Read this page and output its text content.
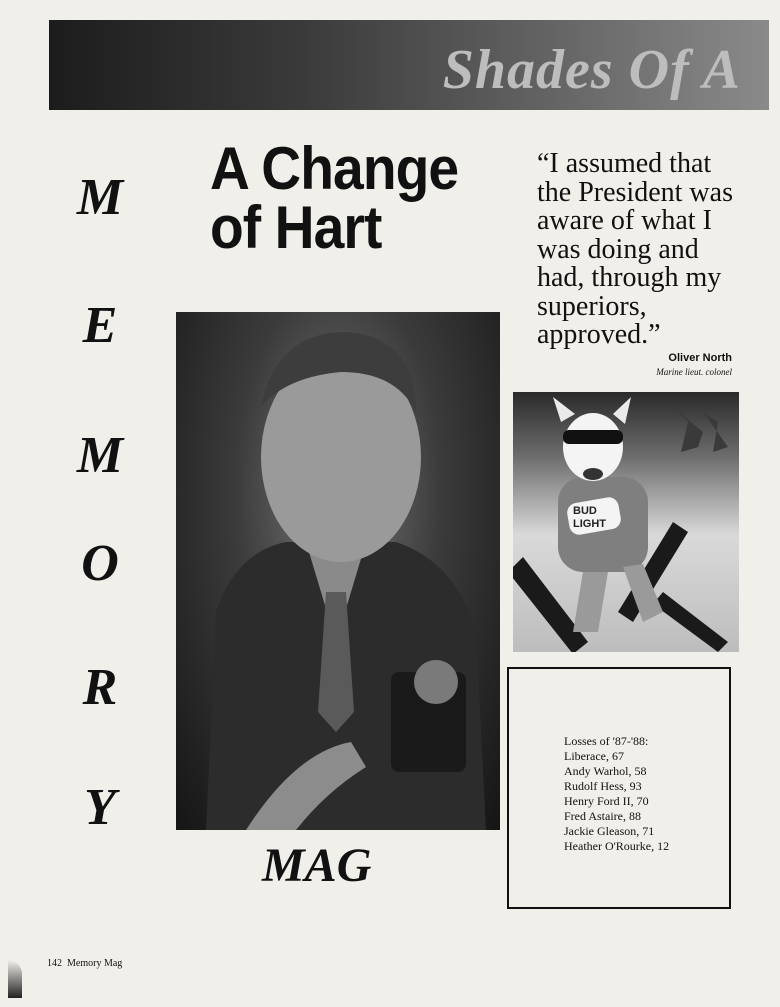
Shades Of A
M
E
M
O
R
Y
A Change
of Hart
“I assumed that the President was aware of what I was doing and had, through my superiors, approved.”
Oliver North
Marine lieut. colonel
BUD
LIGHT
Losses of '87-'88:
Liberace, 67
Andy Warhol, 58
Rudolf Hess, 93
Henry Ford II, 70
Fred Astaire, 88
Jackie Gleason, 71
Heather O'Rourke, 12
MAG
142 Memory Mag
